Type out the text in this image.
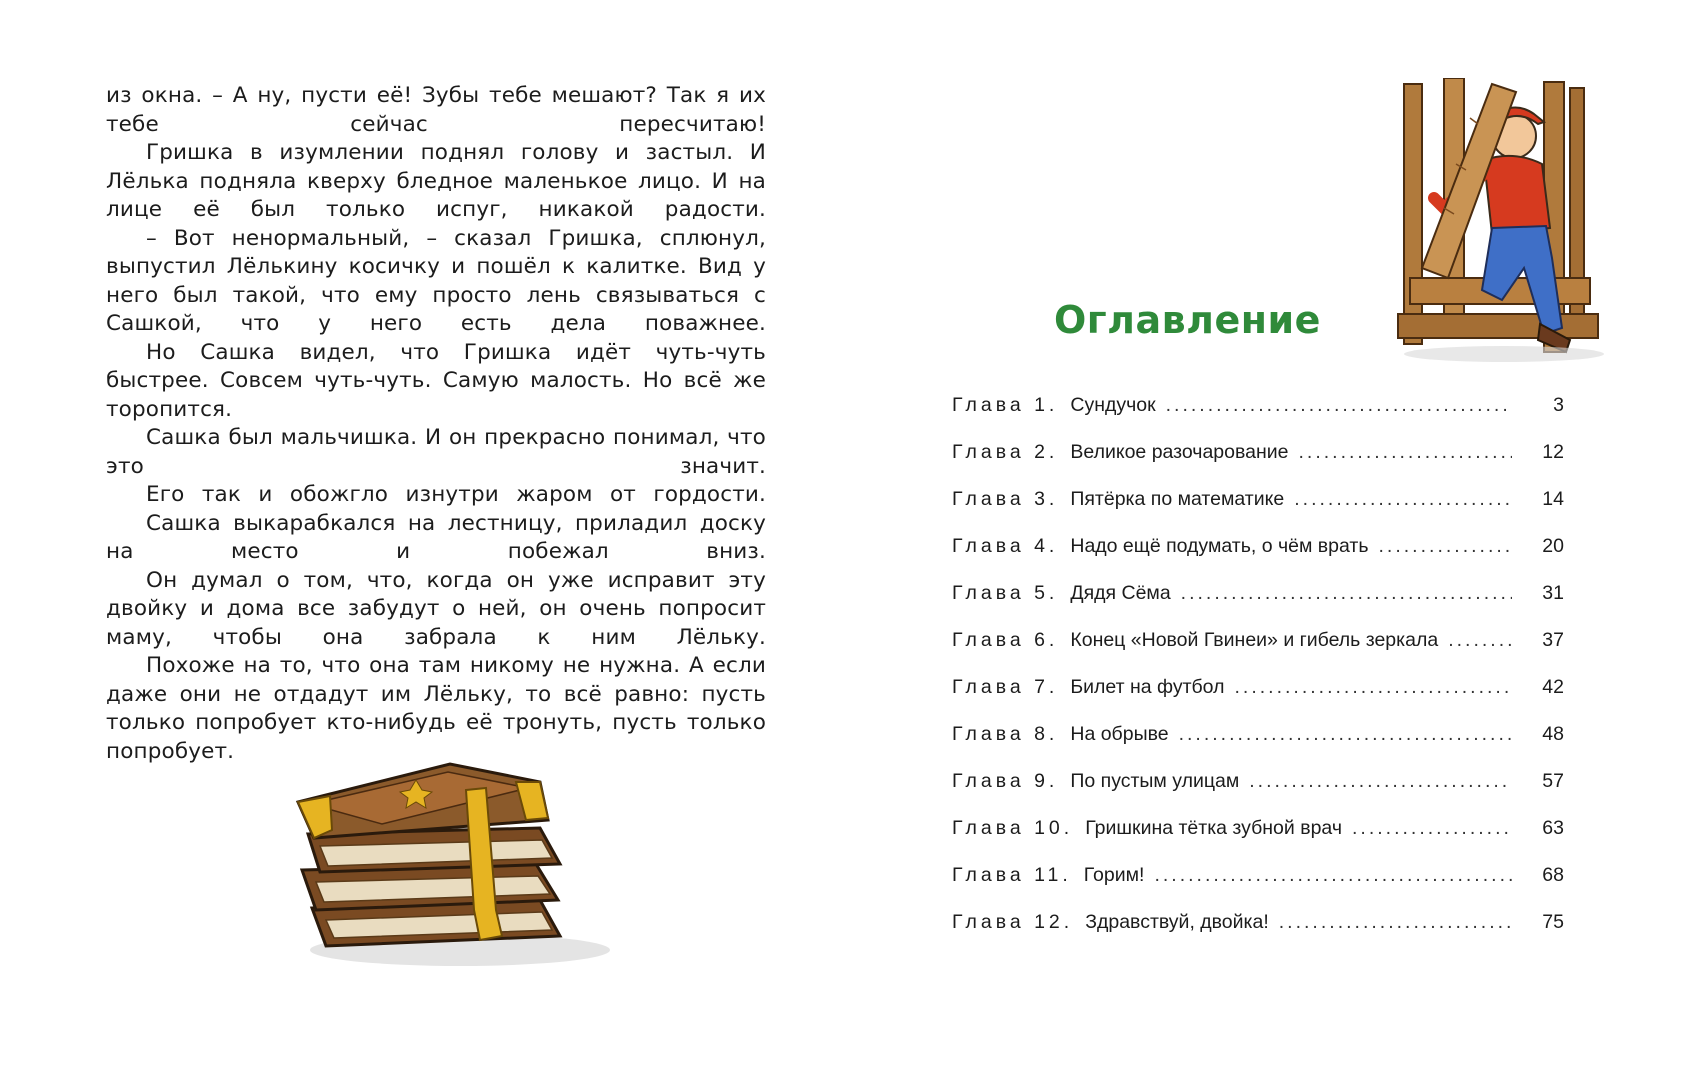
из окна. – А ну, пусти её! Зубы тебе мешают? Так я их тебе сейчас пересчитаю!

Гришка в изумлении поднял голову и застыл. И Лёлька подняла кверху бледное маленькое лицо. И на лице её был только испуг, никакой радости.

– Вот ненормальный, – сказал Гришка, сплюнул, выпустил Лёлькину косичку и пошёл к калитке. Вид у него был такой, что ему просто лень связываться с Сашкой, что у него есть дела поважнее.

Но Сашка видел, что Гришка идёт чуть-чуть быстрее. Совсем чуть-чуть. Самую малость. Но всё же торопится.

Сашка был мальчишка. И он прекрасно понимал, что это значит.

Его так и обожгло изнутри жаром от гордости.

Сашка выкарабкался на лестницу, приладил доску на место и побежал вниз.

Он думал о том, что, когда он уже исправит эту двойку и дома все забудут о ней, он очень попросит маму, чтобы она забрала к ним Лёльку.

Похоже на то, что она там никому не нужна. А если даже они не отдадут им Лёльку, то всё равно: пусть только попробует кто-нибудь её тронуть, пусть только попробует.

Оглавление
Глава 1. Сундучок .....	3
Глава 2. Великое разочарование .....	12
Глава 3. Пятёрка по математике .....	14
Глава 4. Надо ещё подумать, о чём врать .....	20
Глава 5. Дядя Сёма .....	31
Глава 6. Конец «Новой Гвинеи» и гибель зеркала .....	37
Глава 7. Билет на футбол .....	42
Глава 8. На обрыве .....	48
Глава 9. По пустым улицам .....	57
Глава 10. Гришкина тётка зубной врач .....	63
Глава 11. Горим! .....	68
Глава 12. Здравствуй, двойка! .....	75
